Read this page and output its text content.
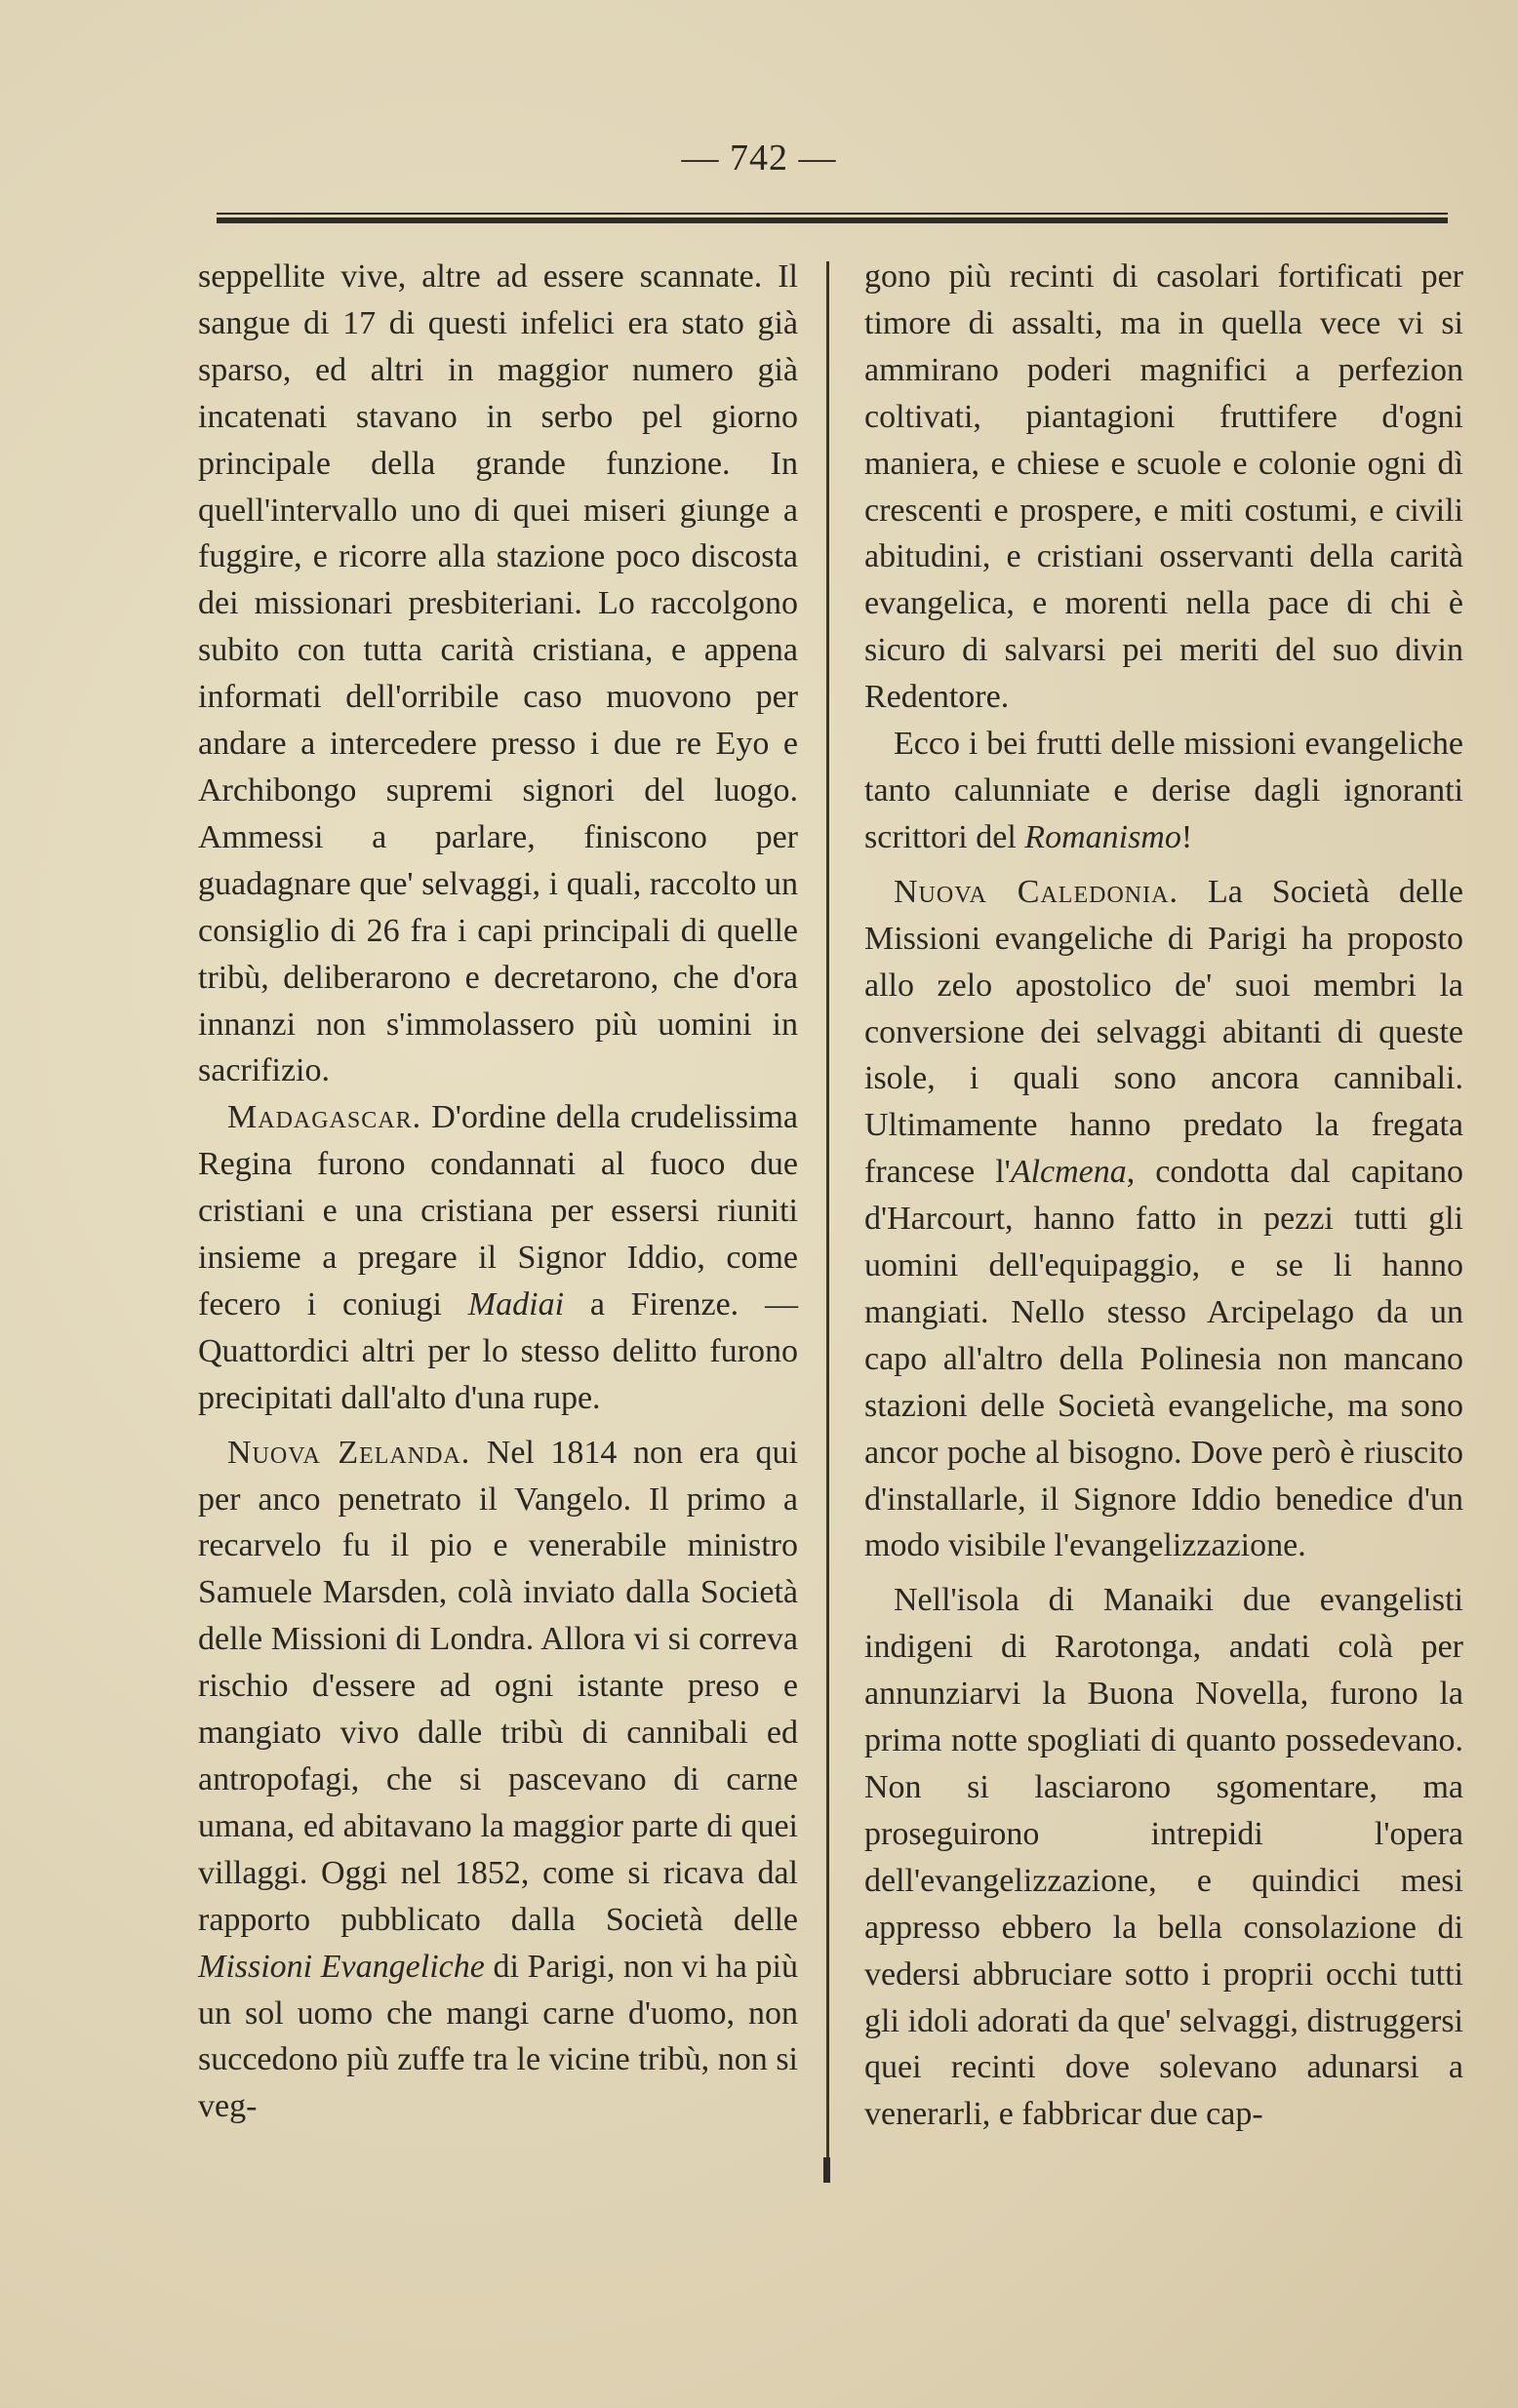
— 742 —

seppellite vive, altre ad essere scannate. Il sangue di 17 di questi infelici era stato già sparso, ed altri in maggior numero già incatenati stavano in serbo pel giorno principale della grande funzione. In quell'intervallo uno di quei miseri giunge a fuggire, e ricorre alla stazione poco discosta dei missionari presbiteriani. Lo raccolgono subito con tutta carità cristiana, e appena informati dell'orribile caso muovono per andare a intercedere presso i due re Eyo e Archibongo supremi signori del luogo. Ammessi a parlare, finiscono per guadagnare que' selvaggi, i quali, raccolto un consiglio di 26 fra i capi principali di quelle tribù, deliberarono e decretarono, che d'ora innanzi non s'immolassero più uomini in sacrifizio.

Madagascar. D'ordine della crudelissima Regina furono condannati al fuoco due cristiani e una cristiana per essersi riuniti insieme a pregare il Signor Iddio, come fecero i coniugi Madiai a Firenze. — Quattordici altri per lo stesso delitto furono precipitati dall'alto d'una rupe.

Nuova Zelanda. Nel 1814 non era qui per anco penetrato il Vangelo. Il primo a recarvelo fu il pio e venerabile ministro Samuele Marsden, colà inviato dalla Società delle Missioni di Londra. Allora vi si correva rischio d'essere ad ogni istante preso e mangiato vivo dalle tribù di cannibali ed antropofagi, che si pascevano di carne umana, ed abitavano la maggior parte di quei villaggi. Oggi nel 1852, come si ricava dal rapporto pubblicato dalla Società delle Missioni Evangeliche di Parigi, non vi ha più un sol uomo che mangi carne d'uomo, non succedono più zuffe tra le vicine tribù, non si veg-

gono più recinti di casolari fortificati per timore di assalti, ma in quella vece vi si ammirano poderi magnifici a perfezion coltivati, piantagioni fruttifere d'ogni maniera, e chiese e scuole e colonie ogni dì crescenti e prospere, e miti costumi, e civili abitudini, e cristiani osservanti della carità evangelica, e morenti nella pace di chi è sicuro di salvarsi pei meriti del suo divin Redentore.

Ecco i bei frutti delle missioni evangeliche tanto calunniate e derise dagli ignoranti scrittori del Romanismo!

Nuova Caledonia. La Società delle Missioni evangeliche di Parigi ha proposto allo zelo apostolico de' suoi membri la conversione dei selvaggi abitanti di queste isole, i quali sono ancora cannibali. Ultimamente hanno predato la fregata francese l'Alcmena, condotta dal capitano d'Harcourt, hanno fatto in pezzi tutti gli uomini dell'equipaggio, e se li hanno mangiati. Nello stesso Arcipelago da un capo all'altro della Polinesia non mancano stazioni delle Società evangeliche, ma sono ancor poche al bisogno. Dove però è riuscito d'installarle, il Signore Iddio benedice d'un modo visibile l'evangelizzazione.

Nell'isola di Manaiki due evangelisti indigeni di Rarotonga, andati colà per annunziarvi la Buona Novella, furono la prima notte spogliati di quanto possedevano. Non si lasciarono sgomentare, ma proseguirono intrepidi l'opera dell'evangelizzazione, e quindici mesi appresso ebbero la bella consolazione di vedersi abbruciare sotto i proprii occhi tutti gli idoli adorati da que' selvaggi, distruggersi quei recinti dove solevano adunarsi a venerarli, e fabbricar due cap-
